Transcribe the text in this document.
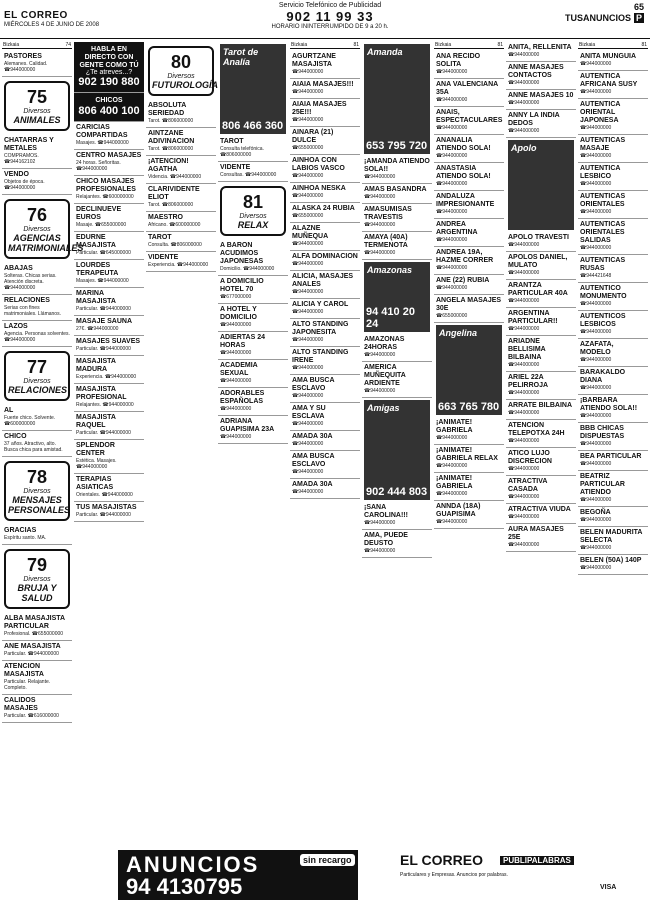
EL CORREO
MIÉRCOLES 4 DE JUNIO DE 2008
Servicio Telefónico de Publicidad
902 11 99 33
HORARIO ININTERRUMPIDO DE 9 a 20 h.
65
TUSANUNCIOS P
Bizkaia	74
PASTORES
Alemanes. Calidad. ☎944000000
75
Diversos
ANIMALES
CHATARRAS Y METALES
COMPRAMOS. ☎944162102
VENDO
Objetos de época. ☎944000000
76
Diversos
AGENCIAS MATRIMONIALES
ABAJAS
Solteras. Chicas serias. Atención discreta. ☎944000000
RELACIONES
Serias con fines matrimoniales. Llámanos.
LAZOS
Agencia. Personas solventes. ☎944000000
77
Diversos
RELACIONES
AL
Fuerte chico. Solvente. ☎600000000
CHICO
37 años. Atractivo, alto. Busca chica para amistad.
78
Diversos
MENSAJES PERSONALES
GRACIAS
Espíritu santo. MA.
79
Diversos
BRUJA Y SALUD
ALBA MASAJISTA PARTICULAR
Profesional. ☎655000000
ANE MASAJISTA
Particular. ☎944000000
ATENCION MASAJISTA
Particular. Relajante. Completo.
CALIDOS MASAJES
Particular. ☎616000000
HABLA EN DIRECTO CON GENTE COMO TÚ
¿Te atreves...?
902 190 880
CHICOS
806 400 100
CARICIAS COMPARTIDAS
Masajes. ☎944000000
CENTRO MASAJES
24 horas. Señoritas. ☎944000000
CHICO MASAJES PROFESIONALES
Relajantes. ☎600000000
DECLINUEVE EUROS
Masaje. ☎655000000
EDURNE MASAJISTA
Particular. ☎645000000
LOURDES TERAPEUTA
Masajes. ☎944000000
MARINA MASAJISTA
Particular. ☎944000000
MASAJE SAUNA
27€. ☎944000000
MASAJES SUAVES
Particular. ☎944000000
MASAJISTA MADURA
Experiencia. ☎944000000
MASAJISTA PROFESIONAL
Relajantes. ☎944000000
MASAJISTA RAQUEL
Particular. ☎944000000
SPLENDOR CENTER
Estética. Masajes. ☎944000000
TERAPIAS ASIATICAS
Orientales. ☎944000000
TUS MASAJISTAS
Particular. ☎944000000
80
Diversos
FUTUROLOGÍA
ABSOLUTA SERIEDAD
Tarot. ☎806000000
AINTZANE ADIVINACION
Tarot. ☎806000000
¡ATENCION! AGATHA
Videncia. ☎944000000
CLARIVIDENTE ELIOT
Tarot. ☎806000000
MAESTRO
Africano. ☎600000000
TAROT
Consulta. ☎806000000
VIDENTE
Experiencia. ☎944000000
Tarot de Analía
806 466 360
TAROT
Consulta telefónica. ☎806000000
VIDENTE
Consultas. ☎944000000
81
Diversos
RELAX
A BARON ACUDIMOS JAPONESAS
Domicilio. ☎944000000
A DOMICILIO HOTEL 70
☎677000000
A HOTEL Y DOMICILIO
☎944000000
ADIERTAS 24 HORAS
☎944000000
ACADEMIA SEXUAL
☎944000000
ADORABLES ESPAÑOLAS
☎944000000
ADRIANA GUAPISIMA 23A
☎944000000
Bizkaia	81
AGURTZANE MASAJISTA
☎944000000
AIAIA MASAJES!!!
☎944000000
AIAIA MASAJES 25E!!!
☎944000000
AINARA (21) DULCE
☎655000000
AINHOA CON LABIOS VASCO
☎944000000
AINHOA NESKA
☎944000000
ALASKA 24 RUBIA
☎655000000
ALAZNE MUÑEQUA
☎944000000
ALFA DOMINACION
☎944000000
ALICIA, MASAJES ANALES
☎944000000
ALICIA Y CAROL
☎944000000
ALTO STANDING JAPONESITA
☎944000000
ALTO STANDING IRENE
☎944000000
AMA BUSCA ESCLAVO
☎944000000
AMA Y SU ESCLAVA
☎944000000
AMADA 30A
☎944000000
AMA BUSCA ESCLAVO
☎944000000
AMADA 30A
☎944000000
Amanda
653 795 720
¡AMANDA ATIENDO SOLA!!
☎944000000
AMAS BASANDRA
☎944000000
AMASUMISAS TRAVESTIS
☎944000000
AMAYA (40A) TERMENOTA
☎944000000
Amazonas
94 410 20 24
AMAZONAS 24HORAS
☎944000000
AMERICA MUÑEQUITA ARDIENTE
☎944000000
Amigas
902 444 803
¡SANA CAROLINA!!!
☎944000000
AMA, PUEDE DEUSTO
☎944000000
Bizkaia	81
ANA RECIDO SOLITA
☎944000000
ANA VALENCIANA 35A
☎944000000
ANAIS, ESPECTACULARES
☎944000000
ANANALIA ATIENDO SOLA!
☎944000000
ANASTASIA ATIENDO SOLA!
☎944000000
ANDALUZA IMPRESIONANTE
☎944000000
ANDREA ARGENTINA
☎944000000
ANDREA 19A, HAZME CORRER
☎944000000
ANE (22) RUBIA
☎944000000
ANGELA MASAJES 30E
☎655000000
Angelina
663 765 780
¡ANIMATE! GABRIELA
☎944000000
¡ANIMATE! GABRIELA RELAX
☎944000000
¡ANIMATE! GABRIELA
☎944000000
ANNDA (18A) GUAPISIMA
☎944000000
ANITA, RELLENITA
☎944000000
ANNE MASAJES CONTACTOS
☎944000000
ANNE MASAJES 10
☎944000000
ANNY LA INDIA DEDOS
☎944000000
Apolo
APOLO TRAVESTI
☎944000000
APOLOS DANIEL, MULATO
☎944000000
ARANTZA PARTICULAR 40A
☎944000000
ARGENTINA PARTICULAR!!
☎944000000
ARIADNE BELLISIMA BILBAINA
☎944000000
ARIEL 22A PELIRROJA
☎944000000
ARRATE BILBAINA
☎944000000
ATENCION TELEPOTXA 24H
☎944000000
ATICO LUJO DISCRECION
☎944000000
ATRACTIVA CASADA
☎944000000
ATRACTIVA VIUDA
☎944000000
AURA MASAJES 25E
☎944000000
Bizkaia	81
ANITA MUNGUIA
☎944000000
AUTENTICA AFRICANA SUSY
☎944000000
AUTENTICA ORIENTAL JAPONESA
☎944000000
AUTENTICAS MASAJE
☎944000000
AUTENTICA LESBICO
☎944000000
AUTENTICAS ORIENTALES
☎944000000
AUTENTICAS ORIENTALES SALIDAS
☎944000000
AUTENTICAS RUSAS
☎944421648
AUTENTICO MONUMENTO
☎944000000
AUTENTICOS LESBICOS
☎944000000
AZAFATA, MODELO
☎944000000
BARAKALDO DIANA
☎944000000
¡BARBARA ATIENDO SOLA!!
☎944000000
BBB CHICAS DISPUESTAS
☎944000000
BEA PARTICULAR
☎944000000
BEATRIZ PARTICULAR ATIENDO
☎944000000
BEGOÑA
☎944000000
BELEN MADURITA SELECTA
☎944000000
BELEN (50A) 140P
☎944000000
ANUNCIOS
94 4130795
sin recargo	EL CORREO	PUBLIPALABRAS
Particulares y Empresas. Anuncios por palabras.
VISA
